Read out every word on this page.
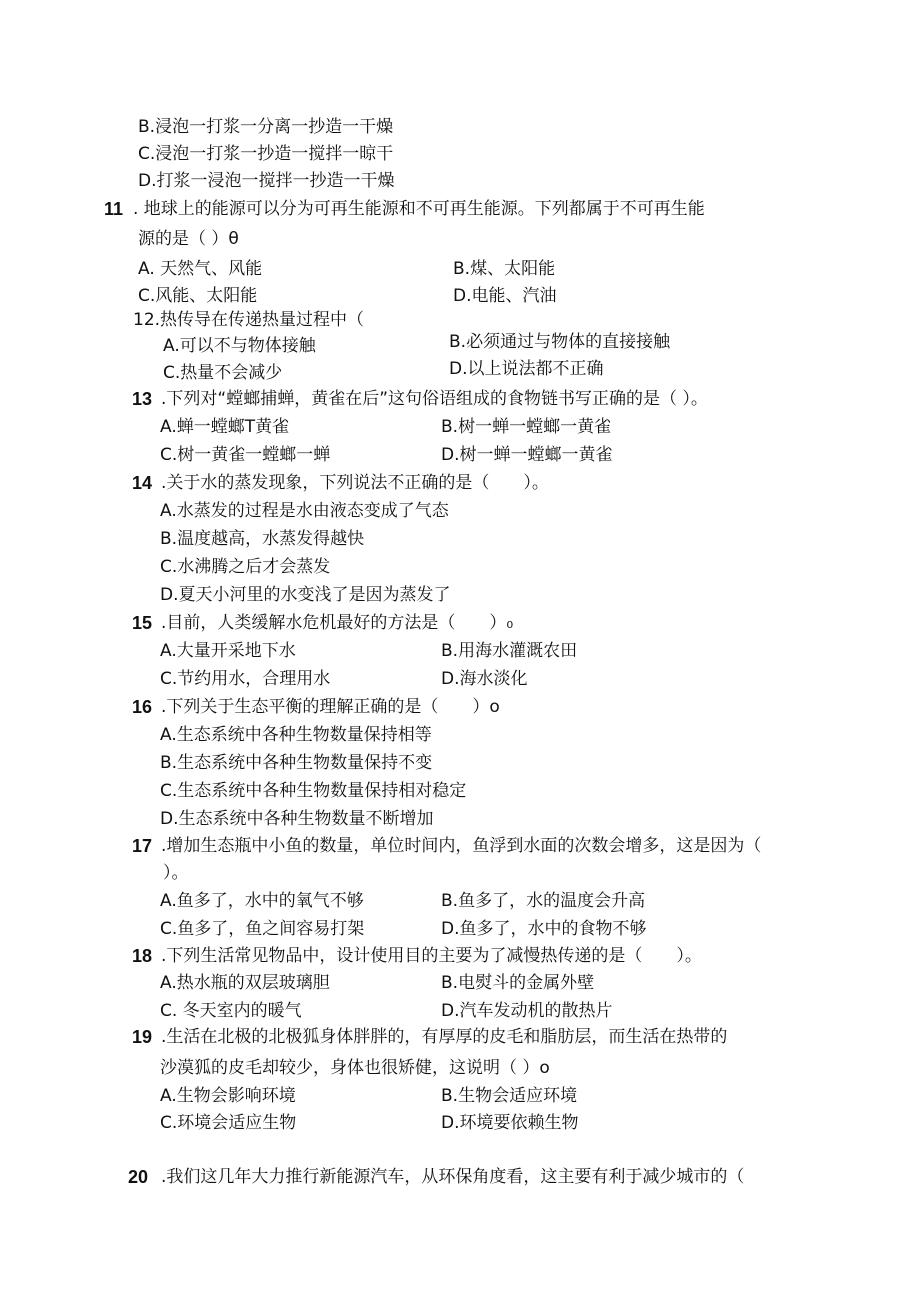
B.浸泡一打浆一分离一抄造一干燥
C.浸泡一打浆一抄造一搅拌一晾干
D.打浆一浸泡一搅拌一抄造一干燥
11 . 地球上的能源可以分为可再生能源和不可再生能源。下列都属于不可再生能
源的是（ ）θ
A. 天然气、风能	B.煤、太阳能
C.风能、太阳能	D.电能、汽油
12.热传导在传递热量过程中（
A.可以不与物体接触	B.必须通过与物体的直接接触
C.热量不会减少	D.以上说法都不正确
13 .下列对“螳螂捕蝉，黄雀在后”这句俗语组成的食物链书写正确的是（ ）。
A.蝉一螳螂T黄雀	B.树一蝉一螳螂一黄雀
C.树一黄雀一螳螂一蝉	D.树一蝉一螳螂一黄雀
14 .关于水的蒸发现象，下列说法不正确的是（　　）。
A.水蒸发的过程是水由液态变成了气态
B.温度越高，水蒸发得越快
C.水沸腾之后才会蒸发
D.夏天小河里的水变浅了是因为蒸发了
15 .目前，人类缓解水危机最好的方法是（　　）₀
A.大量开采地下水	B.用海水灌溉农田
C.节约用水，合理用水	D.海水淡化
16 .下列关于生态平衡的理解正确的是（　　）o
A.生态系统中各种生物数量保持相等
B.生态系统中各种生物数量保持不变
C.生态系统中各种生物数量保持相对稳定
D.生态系统中各种生物数量不断增加
17 .增加生态瓶中小鱼的数量，单位时间内，鱼浮到水面的次数会增多，这是因为（
）。
A.鱼多了，水中的氧气不够	B.鱼多了，水的温度会升高
C.鱼多了，鱼之间容易打架	D.鱼多了，水中的食物不够
18 .下列生活常见物品中，设计使用目的主要为了减慢热传递的是（　　）。
A.热水瓶的双层玻璃胆	B.电熨斗的金属外壁
C. 冬天室内的暖气	D.汽车发动机的散热片
19 .生活在北极的北极狐身体胖胖的，有厚厚的皮毛和脂肪层，而生活在热带的
沙漠狐的皮毛却较少，身体也很矫健，这说明（ ）o
A.生物会影响环境	B.生物会适应环境
C.环境会适应生物	D.环境要依赖生物
20 .我们这几年大力推行新能源汽车，从环保角度看，这主要有利于减少城市的（
